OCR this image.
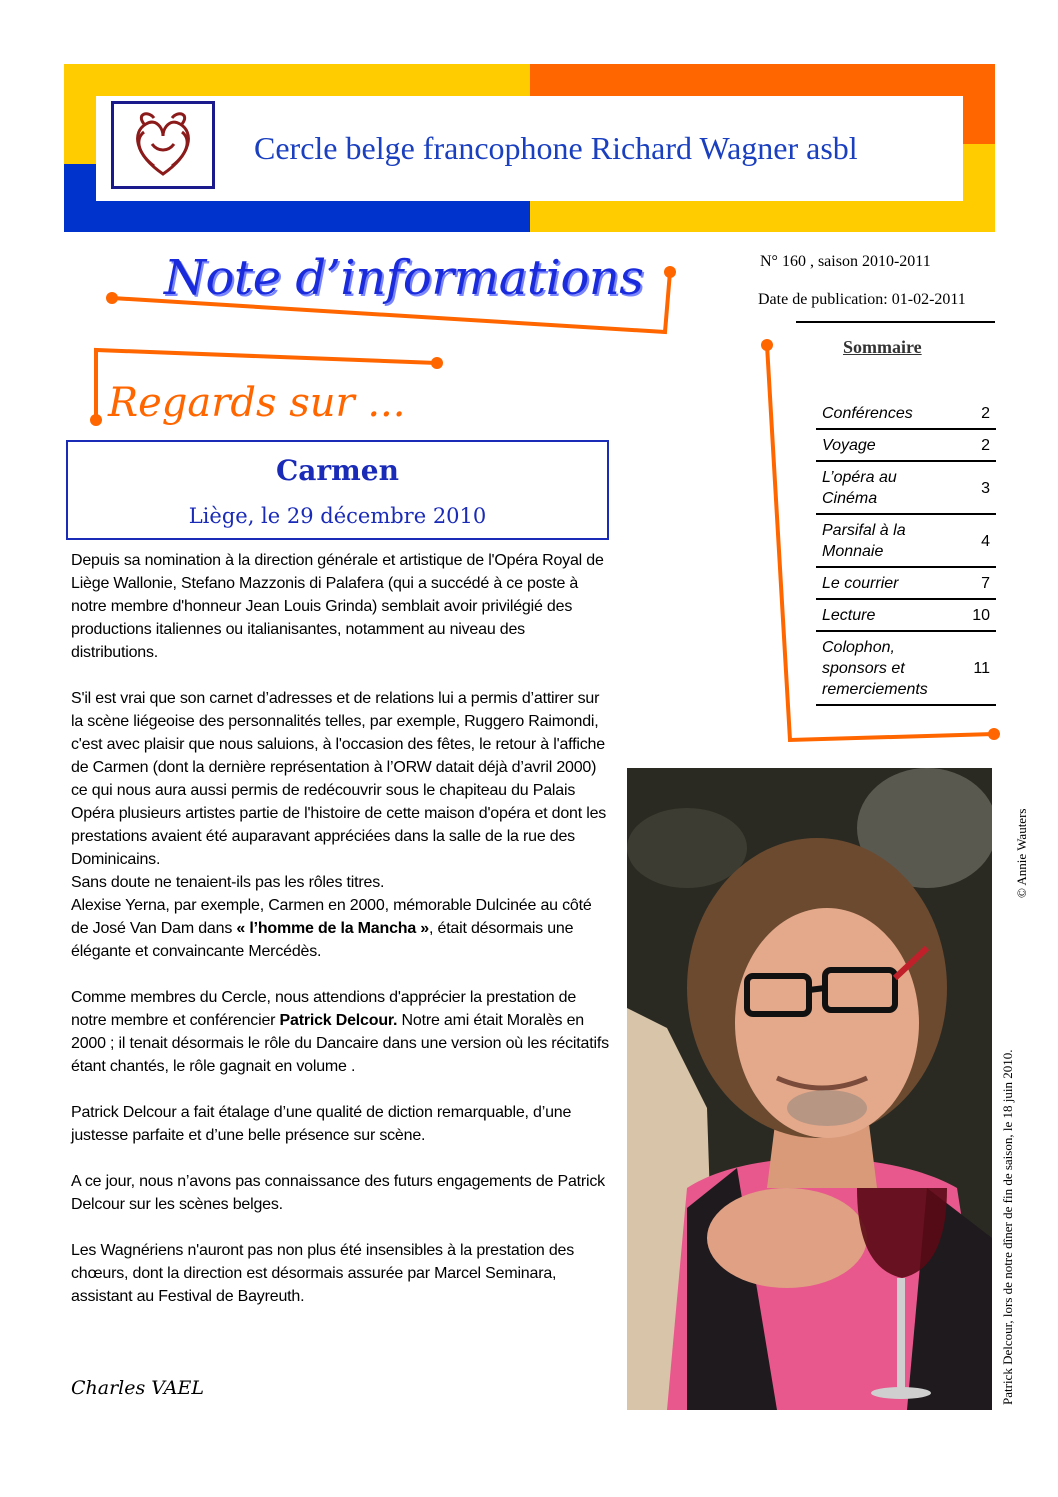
Cercle belge francophone Richard Wagner asbl
Note d’informations	N° 160 , saison 2010-2011
Date de publication: 01-02-2011
Regards sur ...
Sommaire
Conférences	2
Voyage	2
L’opéra au Cinéma	3
Parsifal à la Monnaie	4
Le courrier	7
Lecture	10
Colophon, sponsors et remerciements	11
Carmen
Liège, le 29 décembre 2010

Depuis sa nomination à la direction générale et artistique de l'Opéra Royal de Liège Wallonie, Stefano Mazzonis di Palafera (qui a succédé à ce poste à notre membre d'honneur Jean Louis Grinda) semblait avoir privilégié des productions italiennes ou italianisantes, notamment au niveau des distributions.

S'il est vrai que son carnet d’adresses et de relations lui a permis d’attirer sur la scène liégeoise des personnalités telles, par exemple, Ruggero Raimondi, c'est avec plaisir que nous saluions, à l'occasion des fêtes, le retour à l'affiche de Carmen (dont la dernière représentation à l’ORW datait déjà d’avril 2000) ce qui nous aura aussi permis de redécouvrir sous le chapiteau du Palais Opéra plusieurs artistes partie de l'histoire de cette maison d'opéra et dont les prestations avaient été auparavant appréciées dans la salle de la rue des Dominicains.

Sans doute ne tenaient-ils pas les rôles titres.

Alexise Yerna, par exemple, Carmen en 2000, mémorable Dulcinée au côté de José Van Dam dans « l’homme de la Mancha », était désormais une élégante et convaincante Mercédès.

Comme membres du Cercle, nous attendions d'apprécier la prestation de notre membre et conférencier Patrick Delcour. Notre ami était Moralès en 2000 ; il tenait désormais le rôle du Dancaire dans une version où les récitatifs étant chantés, le rôle gagnait en volume .

Patrick Delcour a fait étalage d’une qualité de diction remarquable, d’une justesse parfaite et d’une belle présence sur scène.

A ce jour, nous n’avons pas connaissance des futurs engagements de Patrick Delcour sur les scènes belges.

Les Wagnériens n'auront pas non plus été insensibles à la prestation des chœurs, dont la direction est désormais assurée par Marcel Seminara, assistant au Festival de Bayreuth.

Charles VAEL
© Annie Wauters
Patrick Delcour, lors de notre dîner de fin de saison, le 18 juin 2010.
